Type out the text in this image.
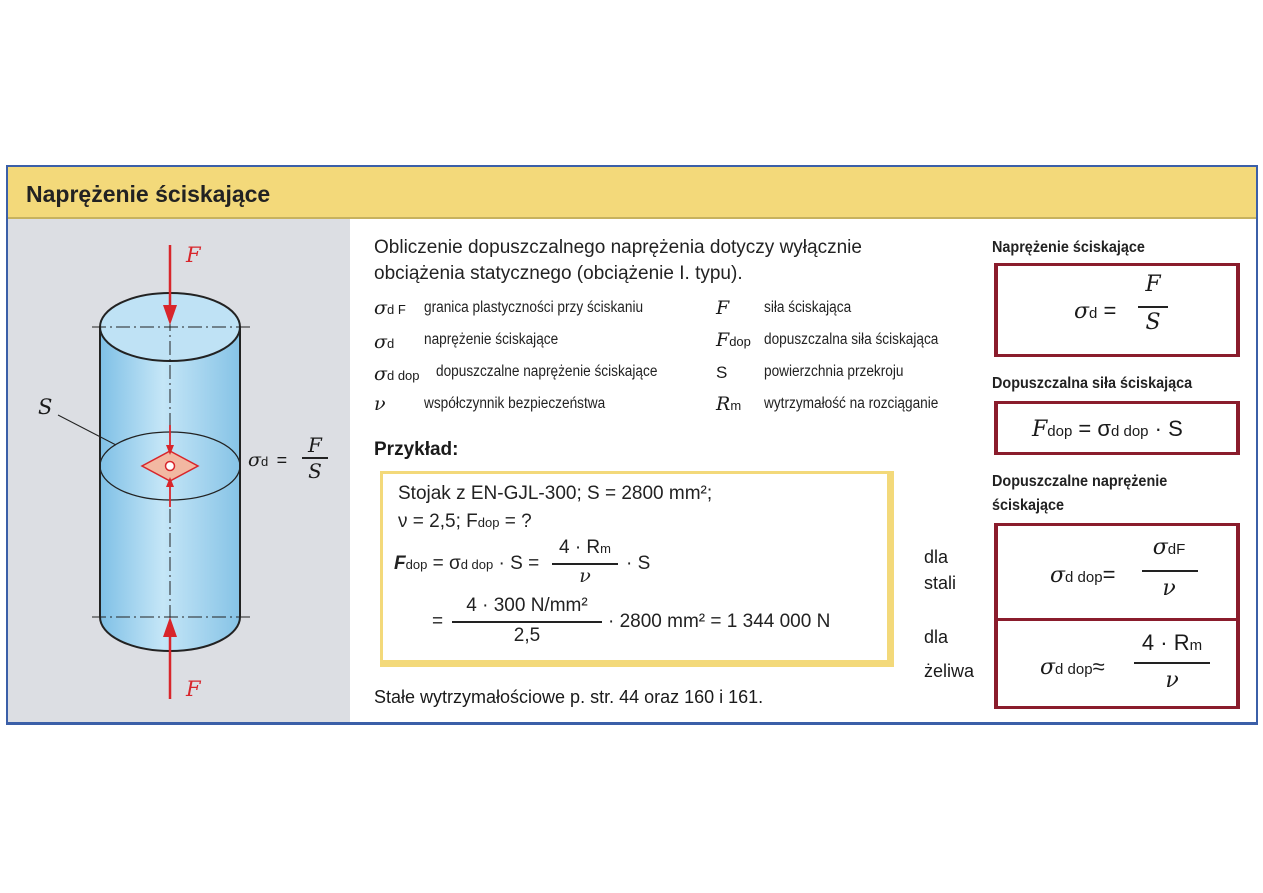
Naprężenie ściskające
F
F
S
σd =
F
S
Obliczenie dopuszczalnego naprężenia dotyczy wyłącznie
obciążenia statycznego (obciążenie I. typu).
σd F granica plastyczności przy ściskaniu
σd naprężenie ściskające
σd dop dopuszczalne naprężenie ściskające
ν współczynnik bezpieczeństwa
F siła ściskająca
Fdop dopuszczalna siła ściskająca
S powierzchnia przekroju
Rm wytrzymałość na rozciąganie
Przykład:
Stojak z EN-GJL-300; S = 2800 mm²;
ν = 2,5; Fdop = ?
Fdop = σd dop · S =
4 · Rm
ν
· S
=
4 · 300 N/mm²
2,5
· 2800 mm² = 1 344 000 N
Stałe wytrzymałościowe p. str. 44 oraz 160 i 161.
Naprężenie ściskające
σd =
F
S
Dopuszczalna siła ściskająca
Fdop = σd dop · S
Dopuszczalne naprężenie
ściskające
dla
stali
dla
żeliwa
σd dop=
σdF
ν
σd dop≈
4 · Rm
ν
